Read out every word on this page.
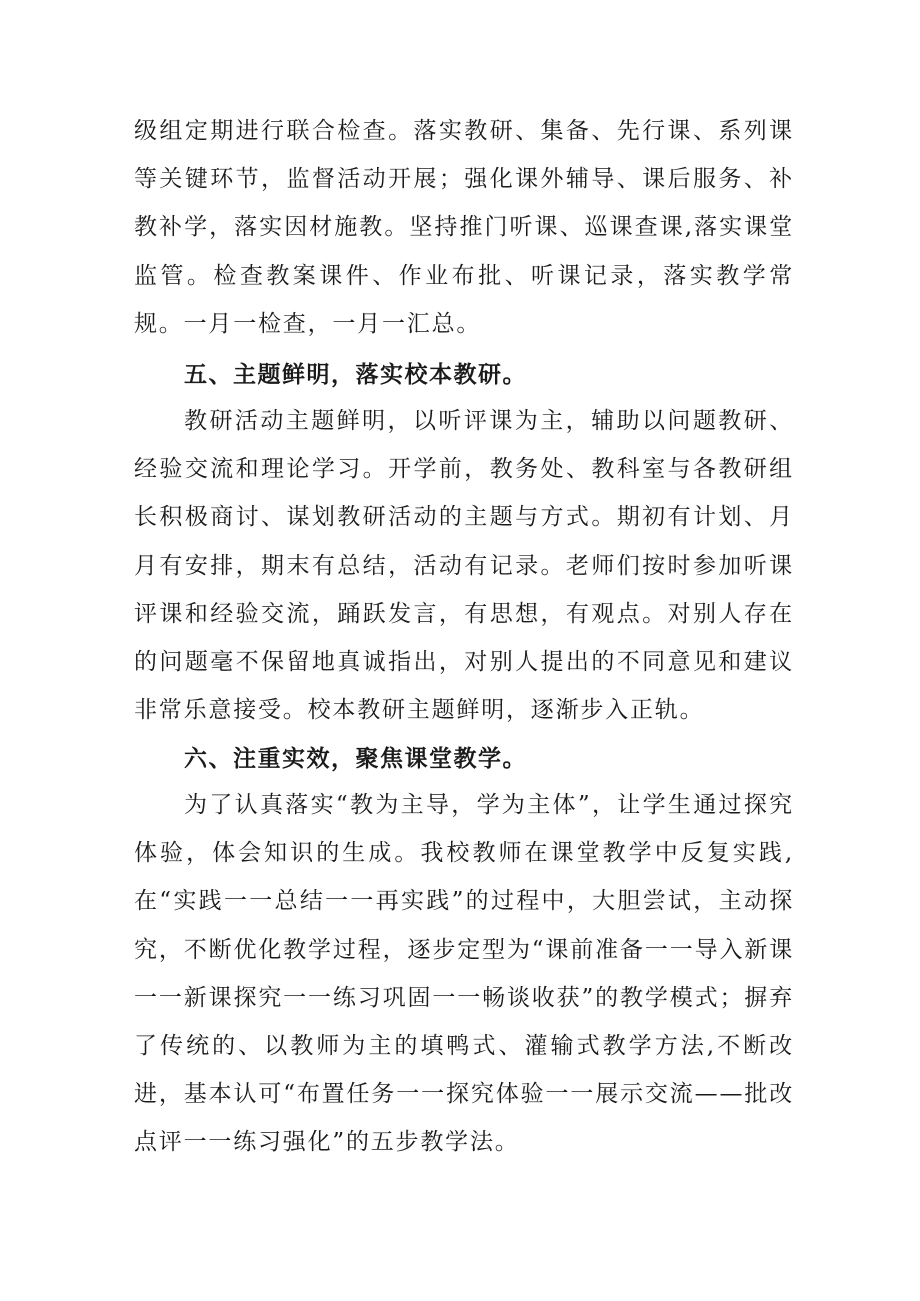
级组定期进行联合检查。落实教研、集备、先行课、系列课等关键环节，监督活动开展；强化课外辅导、课后服务、补教补学，落实因材施教。坚持推门听课、巡课查课,落实课堂监管。检查教案课件、作业布批、听课记录，落实教学常规。一月一检查，一月一汇总。

五、主题鲜明，落实校本教研。

教研活动主题鲜明，以听评课为主，辅助以问题教研、经验交流和理论学习。开学前，教务处、教科室与各教研组长积极商讨、谋划教研活动的主题与方式。期初有计划、月月有安排，期末有总结，活动有记录。老师们按时参加听课评课和经验交流，踊跃发言，有思想，有观点。对别人存在的问题毫不保留地真诚指出，对别人提出的不同意见和建议非常乐意接受。校本教研主题鲜明，逐渐步入正轨。

六、注重实效，聚焦课堂教学。

为了认真落实“教为主导，学为主体”，让学生通过探究体验，体会知识的生成。我校教师在课堂教学中反复实践,在“实践一一总结一一再实践”的过程中，大胆尝试，主动探究，不断优化教学过程，逐步定型为“课前准备一一导入新课一一新课探究一一练习巩固一一畅谈收获”的教学模式；摒弃了传统的、以教师为主的填鸭式、灌输式教学方法,不断改进，基本认可“布置任务一一探究体验一一展示交流——批改点评一一练习强化”的五步教学法。
